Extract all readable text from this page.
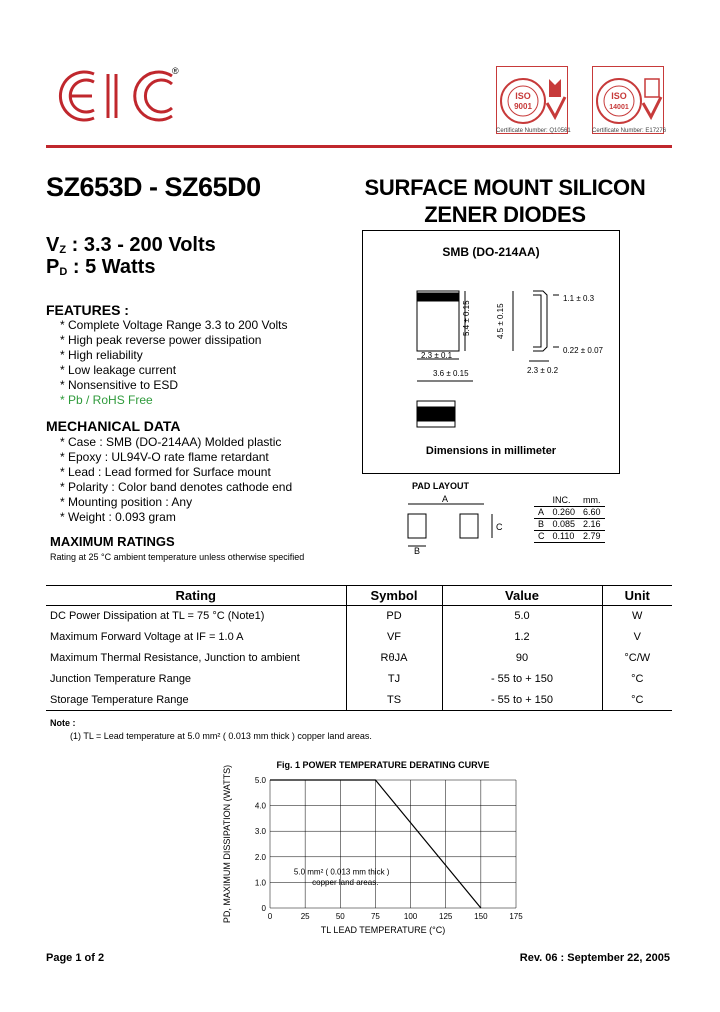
®
ISO
9001
ISO
14001
Certificate Number: Q10561	Certificate Number: E17276
SZ653D - SZ65D0	SURFACE MOUNT SILICON
ZENER DIODES
$V_Z$ : 3.3 - 200 Volts
$P_D$ : 5 Watts
FEATURES :
* Complete Voltage Range 3.3 to 200 Volts
* High peak reverse power dissipation
* High reliability
* Low leakage current
* Nonsensitive to ESD
* Pb / RoHS Free
MECHANICAL DATA
* Case : SMB (DO-214AA) Molded plastic
* Epoxy : UL94V-O rate flame retardant
* Lead : Lead formed for Surface mount
* Polarity : Color band denotes cathode end
* Mounting position : Any
* Weight : 0.093 gram
MAXIMUM RATINGS
Rating at 25 °C ambient temperature unless otherwise specified
SMB (DO-214AA)
1.1 ± 0.3
5.4 ± 0.15	4.5 ± 0.15
2.3 ± 0.1
3.6 ± 0.15	2.3 ± 0.2
0.22 ± 0.07
Dimensions in millimeter
PAD LAYOUT
A
C
B
	INC.	mm.
A	0.260	6.60
B	0.085	2.16
C	0.110	2.79
Rating	Symbol	Value	Unit
DC Power Dissipation at TL = 75 °C (Note1)	PD	5.0	W
Maximum Forward Voltage at IF = 1.0 A	VF	1.2	V
Maximum Thermal Resistance, Junction to ambient	RθJA	90	°C/W
Junction Temperature Range	TJ	- 55 to + 150	°C
Storage Temperature Range	TS	- 55 to + 150	°C
Note :
(1) TL = Lead temperature at 5.0 mm² ( 0.013 mm thick ) copper land areas.
Fig. 1 POWER TEMPERATURE DERATING CURVE
0	25	50	75	100	125	150	175
0
1.0
2.0
3.0
4.0
5.0
TL LEAD TEMPERATURE (°C)
PD, MAXIMUM DISSIPATION (WATTS)	5.0 mm² ( 0.013 mm thick )
copper land areas.
Page 1 of 2	Rev. 06 : September 22, 2005
